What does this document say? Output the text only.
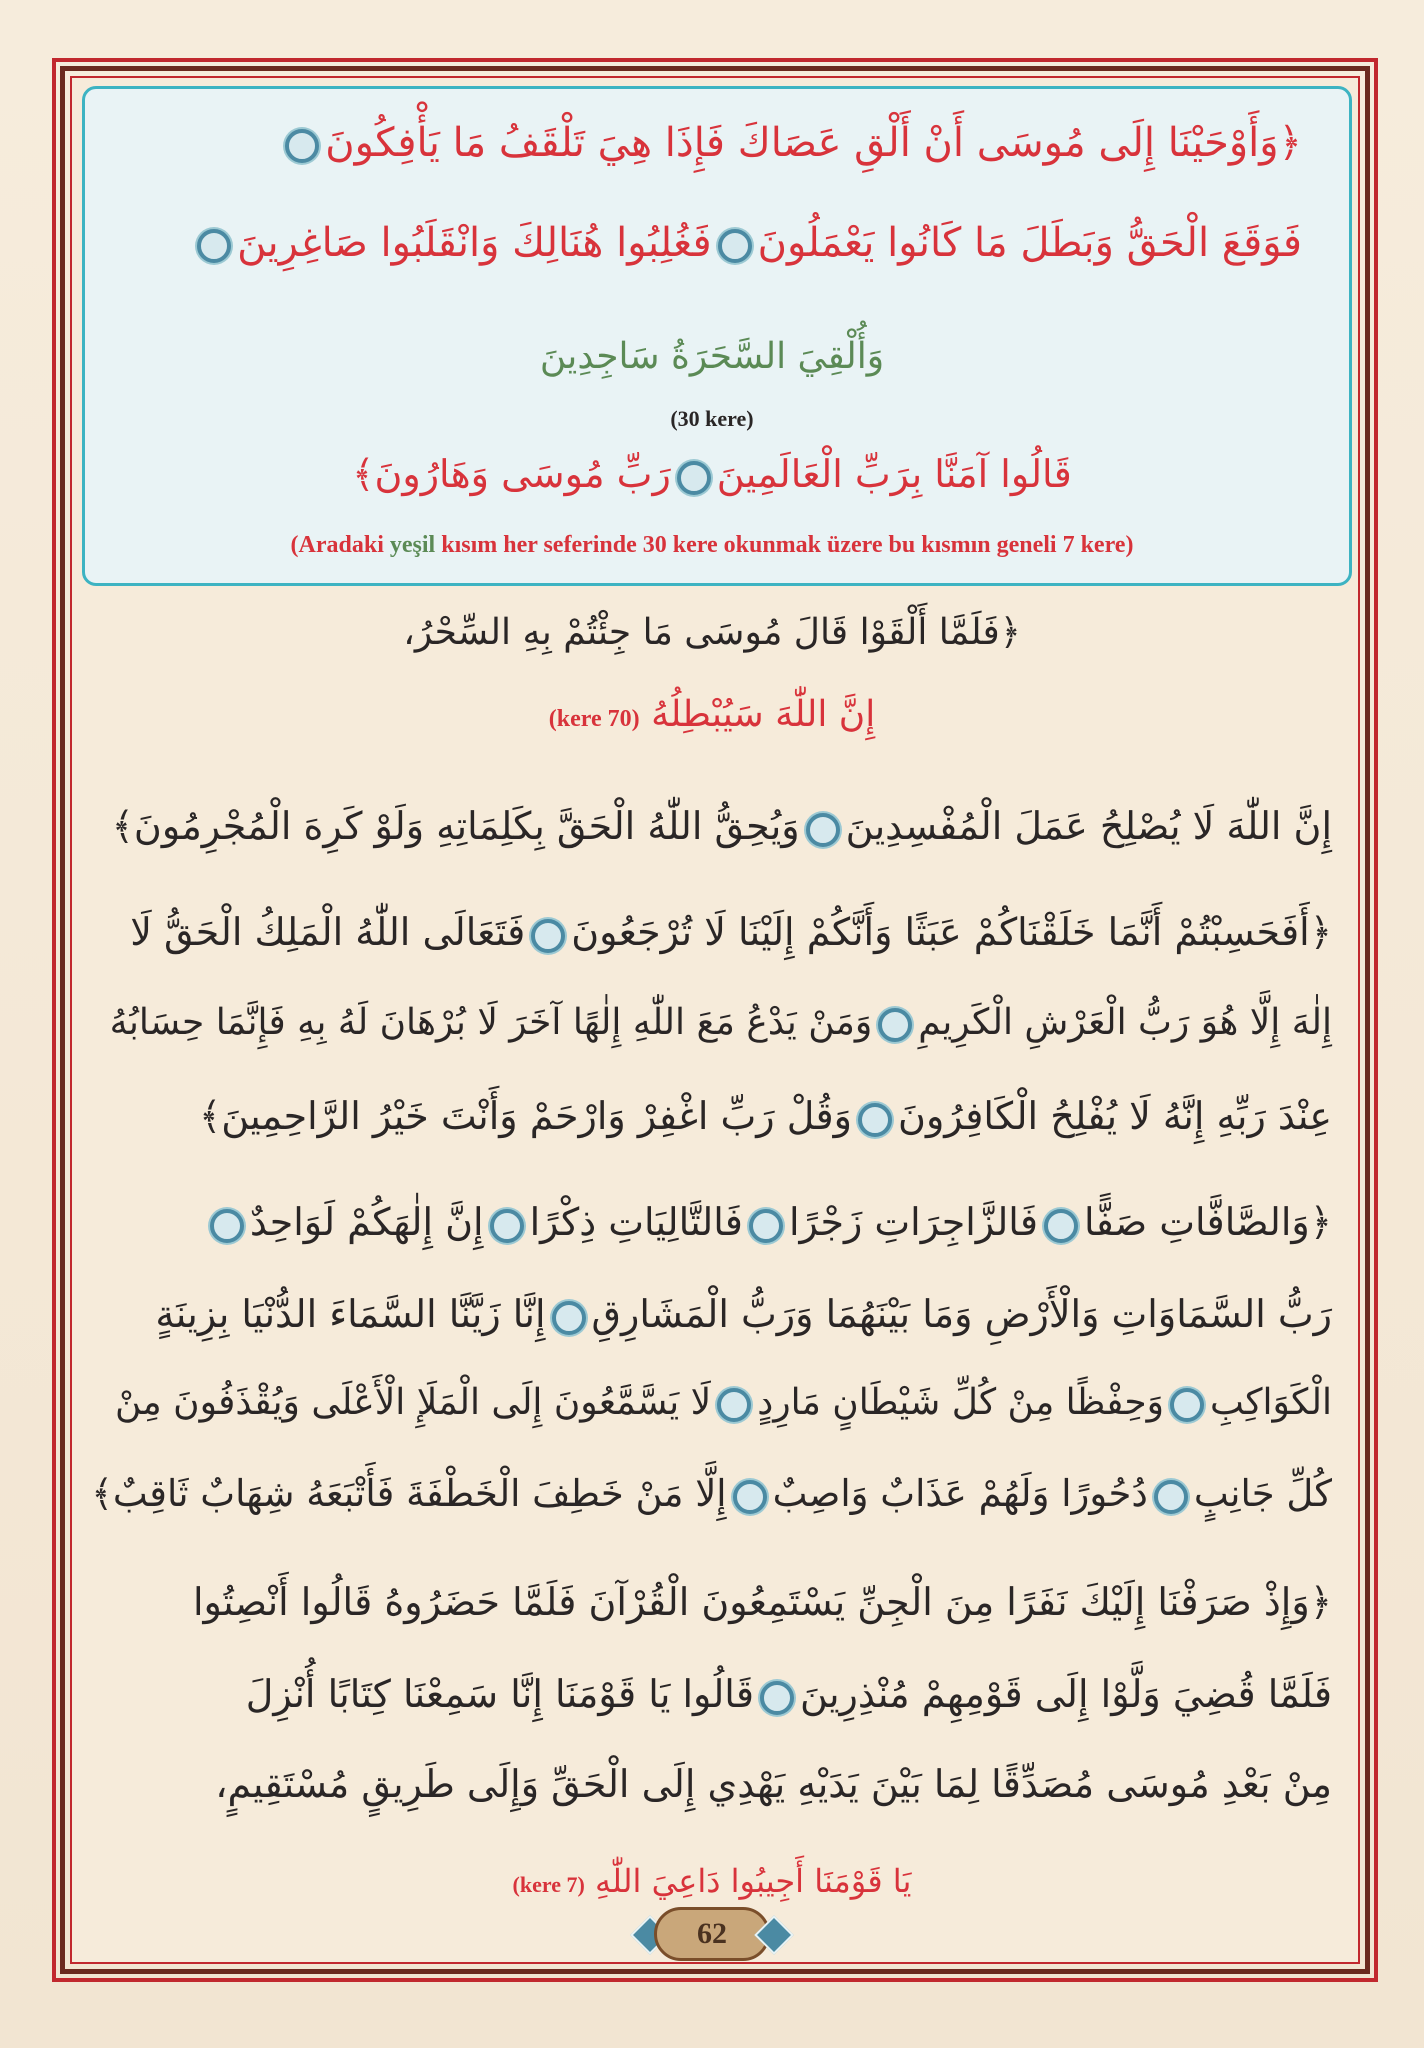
﴿وَأَوْحَيْنَا إِلَى مُوسَى أَنْ أَلْقِ عَصَاكَ فَإِذَا هِيَ تَلْقَفُ مَا يَأْفِكُونَ
فَوَقَعَ الْحَقُّ وَبَطَلَ مَا كَانُوا يَعْمَلُونَفَغُلِبُوا هُنَالِكَ وَانْقَلَبُوا صَاغِرِينَ
وَأُلْقِيَ السَّحَرَةُ سَاجِدِينَ
(30 kere)
قَالُوا آمَنَّا بِرَبِّ الْعَالَمِينَرَبِّ مُوسَى وَهَارُونَ﴾
(Aradaki yeşil kısım her seferinde 30 kere okunmak üzere bu kısmın geneli 7 kere)
﴿فَلَمَّا أَلْقَوْا قَالَ مُوسَى مَا جِئْتُمْ بِهِ السِّحْرُ،
إِنَّ اللّٰهَ سَيُبْطِلُهُ (70 kere)
إِنَّ اللّٰهَ لَا يُصْلِحُ عَمَلَ الْمُفْسِدِينَوَيُحِقُّ اللّٰهُ الْحَقَّ بِكَلِمَاتِهِ وَلَوْ كَرِهَ الْمُجْرِمُونَ﴾
﴿أَفَحَسِبْتُمْ أَنَّمَا خَلَقْنَاكُمْ عَبَثًا وَأَنَّكُمْ إِلَيْنَا لَا تُرْجَعُونَفَتَعَالَى اللّٰهُ الْمَلِكُ الْحَقُّ لَا
إِلٰهَ إِلَّا هُوَ رَبُّ الْعَرْشِ الْكَرِيمِوَمَنْ يَدْعُ مَعَ اللّٰهِ إِلٰهًا آخَرَ لَا بُرْهَانَ لَهُ بِهِ فَإِنَّمَا حِسَابُهُ
عِنْدَ رَبِّهِ إِنَّهُ لَا يُفْلِحُ الْكَافِرُونَوَقُلْ رَبِّ اغْفِرْ وَارْحَمْ وَأَنْتَ خَيْرُ الرَّاحِمِينَ﴾
﴿وَالصَّافَّاتِ صَفًّافَالزَّاجِرَاتِ زَجْرًافَالتَّالِيَاتِ ذِكْرًاإِنَّ إِلٰهَكُمْ لَوَاحِدٌ
رَبُّ السَّمَاوَاتِ وَالْأَرْضِ وَمَا بَيْنَهُمَا وَرَبُّ الْمَشَارِقِإِنَّا زَيَّنَّا السَّمَاءَ الدُّنْيَا بِزِينَةٍ
الْكَوَاكِبِوَحِفْظًا مِنْ كُلِّ شَيْطَانٍ مَارِدٍلَا يَسَّمَّعُونَ إِلَى الْمَلَإِ الْأَعْلَى وَيُقْذَفُونَ مِنْ
كُلِّ جَانِبٍدُحُورًا وَلَهُمْ عَذَابٌ وَاصِبٌإِلَّا مَنْ خَطِفَ الْخَطْفَةَ فَأَتْبَعَهُ شِهَابٌ ثَاقِبٌ﴾
﴿وَإِذْ صَرَفْنَا إِلَيْكَ نَفَرًا مِنَ الْجِنِّ يَسْتَمِعُونَ الْقُرْآنَ فَلَمَّا حَضَرُوهُ قَالُوا أَنْصِتُوا
فَلَمَّا قُضِيَ وَلَّوْا إِلَى قَوْمِهِمْ مُنْذِرِينَقَالُوا يَا قَوْمَنَا إِنَّا سَمِعْنَا كِتَابًا أُنْزِلَ
مِنْ بَعْدِ مُوسَى مُصَدِّقًا لِمَا بَيْنَ يَدَيْهِ يَهْدِي إِلَى الْحَقِّ وَإِلَى طَرِيقٍ مُسْتَقِيمٍ،
يَا قَوْمَنَا أَجِيبُوا دَاعِيَ اللّٰهِ (7 kere)
62
